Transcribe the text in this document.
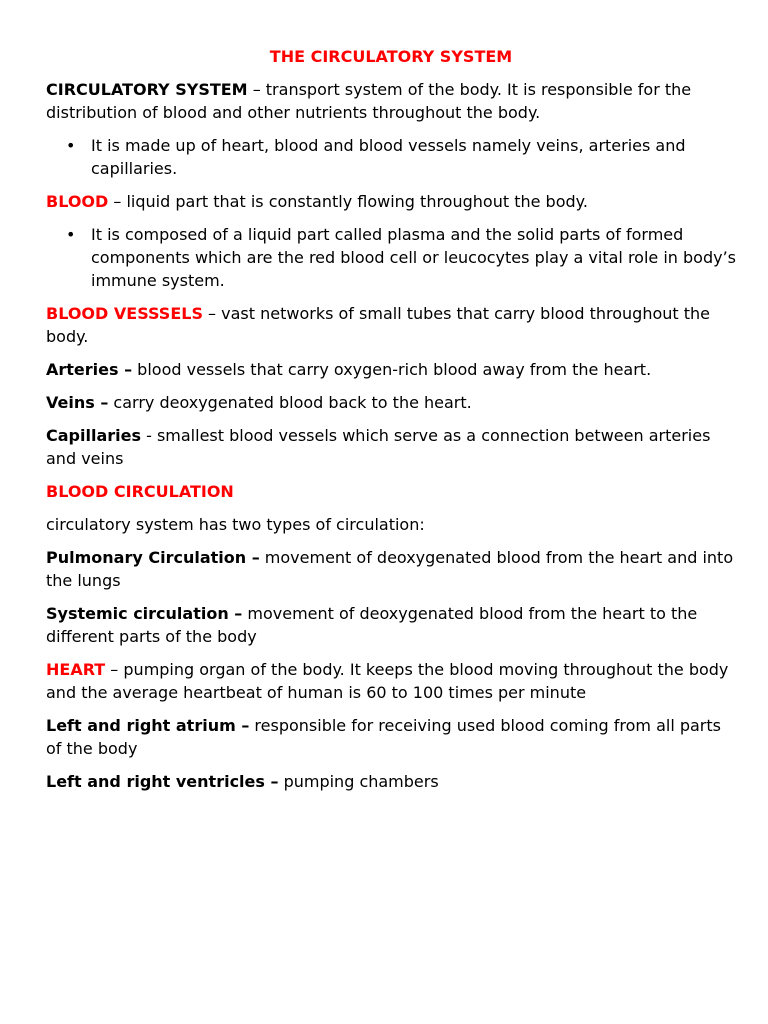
THE CIRCULATORY SYSTEM

CIRCULATORY SYSTEM – transport system of the body. It is responsible for the distribution of blood and other nutrients throughout the body.

• It is made up of heart, blood and blood vessels namely veins, arteries and capillaries.

BLOOD – liquid part that is constantly flowing throughout the body.

• It is composed of a liquid part called plasma and the solid parts of formed components which are the red blood cell or leucocytes play a vital role in body’s immune system.

BLOOD VESSSELS – vast networks of small tubes that carry blood throughout the body.

Arteries – blood vessels that carry oxygen-rich blood away from the heart.

Veins – carry deoxygenated blood back to the heart.

Capillaries - smallest blood vessels which serve as a connection between arteries and veins

BLOOD CIRCULATION

circulatory system has two types of circulation:

Pulmonary Circulation – movement of deoxygenated blood from the heart and into the lungs

Systemic circulation – movement of deoxygenated blood from the heart to the different parts of the body

HEART – pumping organ of the body. It keeps the blood moving throughout the body and the average heartbeat of human is 60 to 100 times per minute

Left and right atrium – responsible for receiving used blood coming from all parts of the body

Left and right ventricles – pumping chambers
